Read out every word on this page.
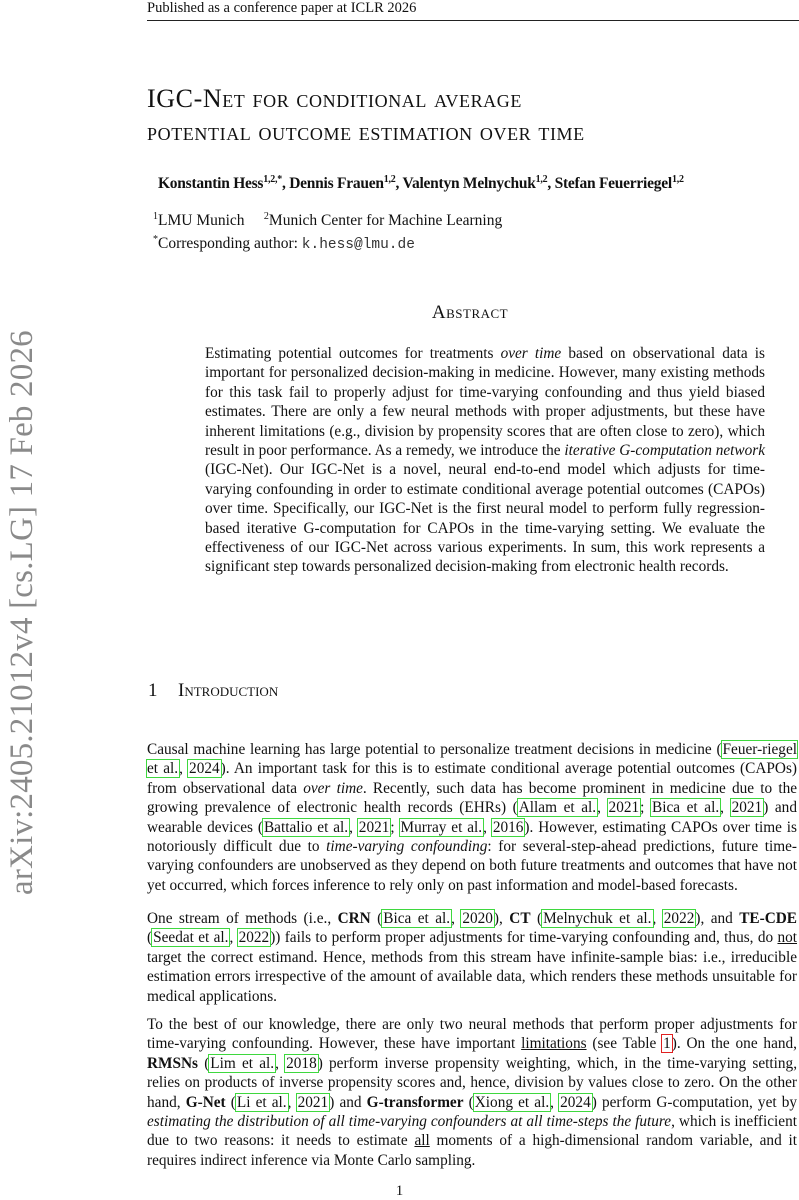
Published as a conference paper at ICLR 2026
arXiv:2405.21012v4 [cs.LG] 17 Feb 2026
IGC-Net for conditional average
potential outcome estimation over time
Konstantin Hess$^{1,2,*}$, Dennis Frauen$^{1,2}$, Valentyn Melnychuk$^{1,2}$, Stefan Feuerriegel$^{1,2}$
$^1$LMU Munich $^2$Munich Center for Machine Learning
*Corresponding author: k.hess@lmu.de
Abstract
Estimating potential outcomes for treatments over time based on observational data is important for personalized decision-making in medicine. However, many existing methods for this task fail to properly adjust for time-varying confounding and thus yield biased estimates. There are only a few neural methods with proper adjustments, but these have inherent limitations (e.g., division by propensity scores that are often close to zero), which result in poor performance. As a remedy, we introduce the iterative G-computation network (IGC-Net). Our IGC-Net is a novel, neural end-to-end model which adjusts for time-varying confounding in order to estimate conditional average potential outcomes (CAPOs) over time. Specifically, our IGC-Net is the first neural model to perform fully regression-based iterative G-computation for CAPOs in the time-varying setting. We evaluate the effectiveness of our IGC-Net across various experiments. In sum, this work represents a significant step towards personalized decision-making from electronic health records.
1 Introduction
Causal machine learning has large potential to personalize treatment decisions in medicine (Feuer-riegel et al., 2024). An important task for this is to estimate conditional average potential outcomes (CAPOs) from observational data over time. Recently, such data has become prominent in medicine due to the growing prevalence of electronic health records (EHRs) (Allam et al., 2021; Bica et al., 2021) and wearable devices (Battalio et al., 2021; Murray et al., 2016). However, estimating CAPOs over time is notoriously difficult due to time-varying confounding: for several-step-ahead predictions, future time-varying confounders are unobserved as they depend on both future treatments and outcomes that have not yet occurred, which forces inference to rely only on past information and model-based forecasts.
One stream of methods (i.e., CRN (Bica et al., 2020), CT (Melnychuk et al., 2022), and TE-CDE (Seedat et al., 2022)) fails to perform proper adjustments for time-varying confounding and, thus, do not target the correct estimand. Hence, methods from this stream have infinite-sample bias: i.e., irreducible estimation errors irrespective of the amount of available data, which renders these methods unsuitable for medical applications.
To the best of our knowledge, there are only two neural methods that perform proper adjustments for time-varying confounding. However, these have important limitations (see Table 1). On the one hand, RMSNs (Lim et al., 2018) perform inverse propensity weighting, which, in the time-varying setting, relies on products of inverse propensity scores and, hence, division by values close to zero. On the other hand, G-Net (Li et al., 2021) and G-transformer (Xiong et al., 2024) perform G-computation, yet by estimating the distribution of all time-varying confounders at all time-steps the future, which is inefficient due to two reasons: it needs to estimate all moments of a high-dimensional random variable, and it requires indirect inference via Monte Carlo sampling.
1
